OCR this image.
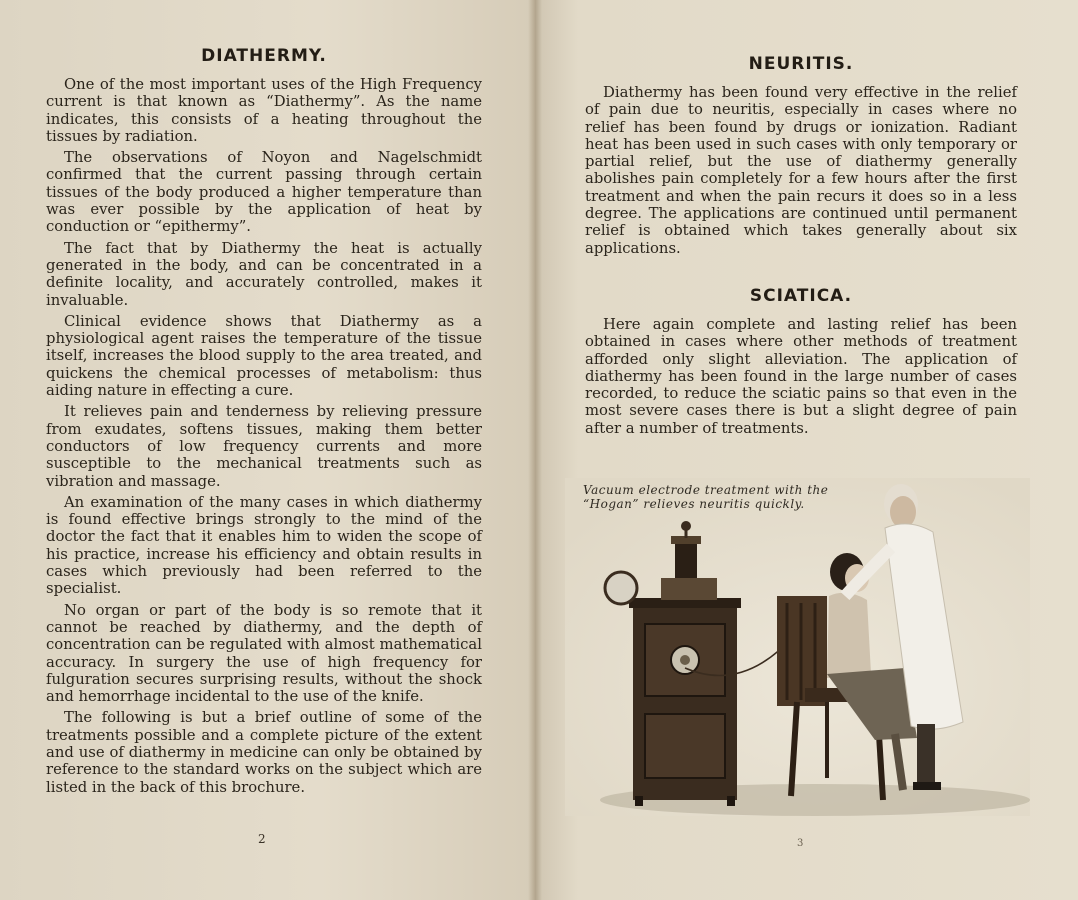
DIATHERMY.

One of the most important uses of the High Frequency current is that known as “Diathermy”. As the name indicates, this consists of a heating throughout the tissues by radiation.

The observations of Noyon and Nagelschmidt confirmed that the current passing through certain tissues of the body produced a higher temperature than was ever possible by the application of heat by conduction or “epithermy”.

The fact that by Diathermy the heat is actually generated in the body, and can be concentrated in a definite locality, and accurately controlled, makes it invaluable.

Clinical evidence shows that Diathermy as a physiological agent raises the temperature of the tissue itself, increases the blood supply to the area treated, and quickens the chemical processes of metabolism: thus aiding nature in effecting a cure.

It relieves pain and tenderness by relieving pressure from exudates, softens tissues, making them better conductors of low frequency currents and more susceptible to the mechanical treatments such as vibration and massage.

An examination of the many cases in which diathermy is found effective brings strongly to the mind of the doctor the fact that it enables him to widen the scope of his practice, increase his efficiency and obtain results in cases which previously had been referred to the specialist.

No organ or part of the body is so remote that it cannot be reached by diathermy, and the depth of concentration can be regulated with almost mathematical accuracy. In surgery the use of high frequency for fulguration secures surprising results, without the shock and hemorrhage incidental to the use of the knife.

The following is but a brief outline of some of the treatments possible and a complete picture of the extent and use of diathermy in medicine can only be obtained by reference to the standard works on the subject which are listed in the back of this brochure.

2	3
NEURITIS.

Diathermy has been found very effective in the relief of pain due to neuritis, especially in cases where no relief has been found by drugs or ionization. Radiant heat has been used in such cases with only temporary or partial relief, but the use of diathermy generally abolishes pain completely for a few hours after the first treatment and when the pain recurs it does so in a less degree. The applications are continued until permanent relief is obtained which takes generally about six applications.

SCIATICA.

Here again complete and lasting relief has been obtained in cases where other methods of treatment afforded only slight alleviation. The application of diathermy has been found in the large number of cases recorded, to reduce the sciatic pains so that even in the most severe cases there is but a slight degree of pain after a number of treatments.

Vacuum electrode treatment with the
“Hogan” relieves neuritis quickly.
